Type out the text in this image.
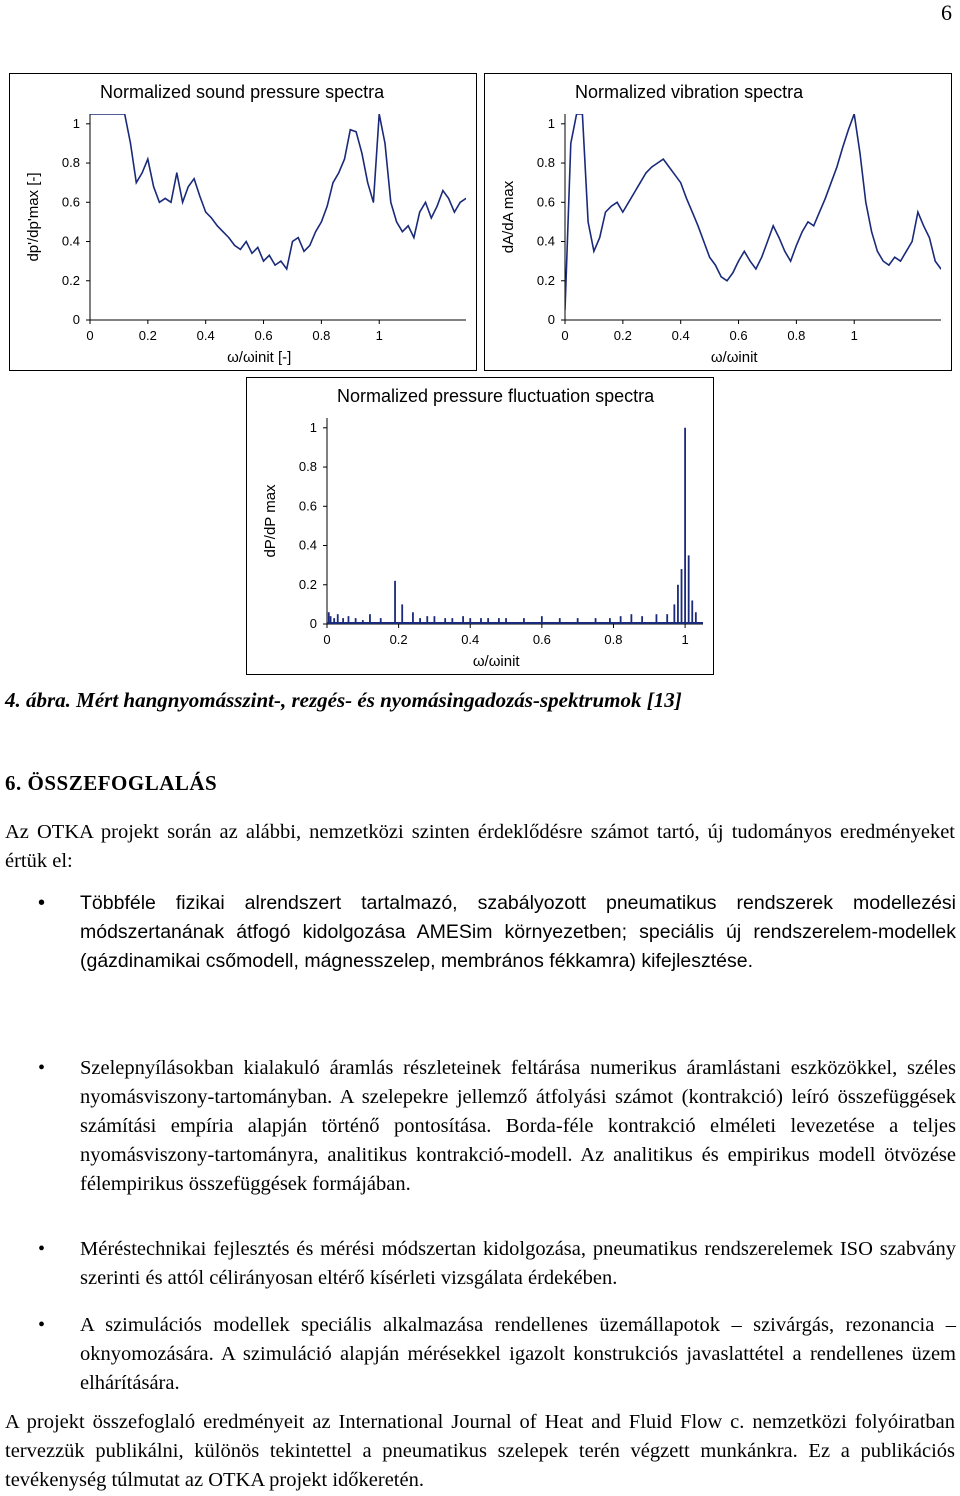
6
Normalized sound pressure spectra
0
0.2
0.4
0.6
0.8
1
0	0.2	0.4	0.6	0.8	1
ω/ωinit [-]
dp'/dp'max [-]
Normalized vibration spectra
0
0.2
0.4
0.6
0.8
1
0	0.2	0.4	0.6	0.8	1
ω/ωinit
dA/dA max
Normalized pressure fluctuation spectra
0
0.2
0.4
0.6
0.8
1
0	0.2	0.4	0.6	0.8	1
ω/ωinit
dP/dP max
4. ábra. Mért hangnyomásszint-, rezgés- és nyomásingadozás-spektrumok [13]
6. ÖSSZEFOGLALÁS
Az OTKA projekt során az alábbi, nemzetközi szinten érdeklődésre számot tartó, új tudományos eredményeket értük el:
• Többféle fizikai alrendszert tartalmazó, szabályozott pneumatikus rendszerek modellezési módszertanának átfogó kidolgozása AMESim környezetben; speciális új rendszerelem-modellek (gázdinamikai csőmodell, mágnesszelep, membrános fékkamra) kifejlesztése.
• Szelepnyílásokban kialakuló áramlás részleteinek feltárása numerikus áramlástani eszközökkel, széles nyomásviszony-tartományban. A szelepekre jellemző átfolyási számot (kontrakció) leíró összefüggések számítási empíria alapján történő pontosítása. Borda-féle kontrakció elméleti levezetése a teljes nyomásviszony-tartományra, analitikus kontrakció-modell. Az analitikus és empirikus modell ötvözése félempirikus összefüggések formájában.
• Méréstechnikai fejlesztés és mérési módszertan kidolgozása, pneumatikus rendszerelemek ISO szabvány szerinti és attól célirányosan eltérő kísérleti vizsgálata érdekében.
• A szimulációs modellek speciális alkalmazása rendellenes üzemállapotok – szivárgás, rezonancia – oknyomozására. A szimuláció alapján mérésekkel igazolt konstrukciós javaslattétel a rendellenes üzem elhárítására.
A projekt összefoglaló eredményeit az International Journal of Heat and Fluid Flow c. nemzetközi folyóiratban tervezzük publikálni, különös tekintettel a pneumatikus szelepek terén végzett munkánkra. Ez a publikációs tevékenység túlmutat az OTKA projekt időkeretén.
